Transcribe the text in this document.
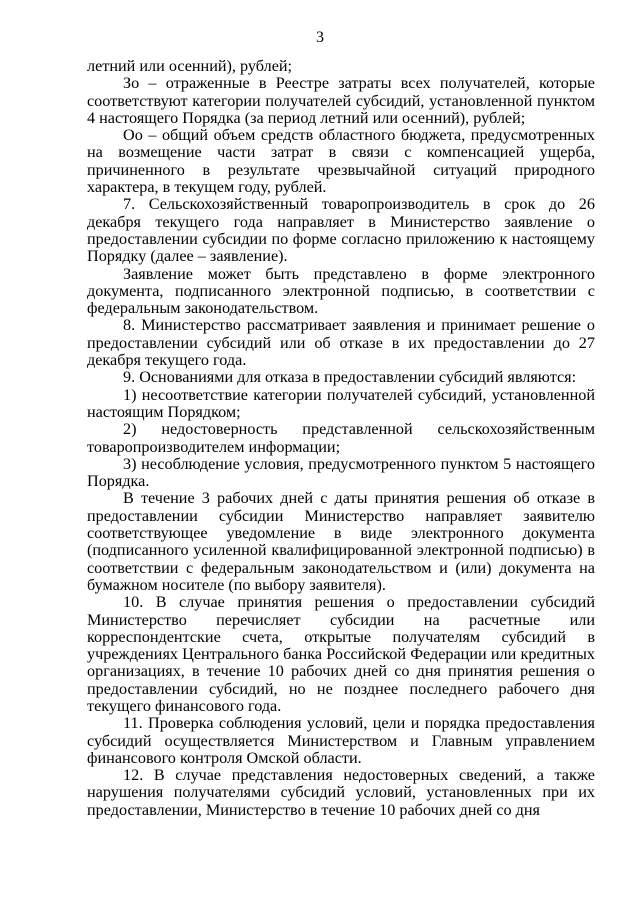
3

летний или осенний), рублей;

Зо – отраженные в Реестре затраты всех получателей, которые соответствуют категории получателей субсидий, установленной пунктом 4 настоящего Порядка (за период летний или осенний), рублей;

Оо – общий объем средств областного бюджета, предусмотренных на возмещение части затрат в связи с компенсацией ущерба, причиненного в результате чрезвычайной ситуаций природного характера, в текущем году, рублей.

7. Сельскохозяйственный товаропроизводитель в срок до 26 декабря текущего года направляет в Министерство заявление о предоставлении субсидии по форме согласно приложению к настоящему Порядку (далее – заявление).

Заявление может быть представлено в форме электронного документа, подписанного электронной подписью, в соответствии с федеральным законодательством.

8. Министерство рассматривает заявления и принимает решение о предоставлении субсидий или об отказе в их предоставлении до 27 декабря текущего года.

9. Основаниями для отказа в предоставлении субсидий являются:

1) несоответствие категории получателей субсидий, установленной настоящим Порядком;

2) недостоверность представленной сельскохозяйственным товаропроизводителем информации;

3) несоблюдение условия, предусмотренного пунктом 5 настоящего Порядка.

В течение 3 рабочих дней с даты принятия решения об отказе в предоставлении субсидии Министерство направляет заявителю соответствующее уведомление в виде электронного документа (подписанного усиленной квалифицированной электронной подписью) в соответствии с федеральным законодательством и (или) документа на бумажном носителе (по выбору заявителя).

10. В случае принятия решения о предоставлении субсидий Министерство перечисляет субсидии на расчетные или корреспондентские счета, открытые получателям субсидий в учреждениях Центрального банка Российской Федерации или кредитных организациях, в течение 10 рабочих дней со дня принятия решения о предоставлении субсидий, но не позднее последнего рабочего дня текущего финансового года.

11. Проверка соблюдения условий, цели и порядка предоставления субсидий осуществляется Министерством и Главным управлением финансового контроля Омской области.

12. В случае представления недостоверных сведений, а также нарушения получателями субсидий условий, установленных при их предоставлении, Министерство в течение 10 рабочих дней со дня
